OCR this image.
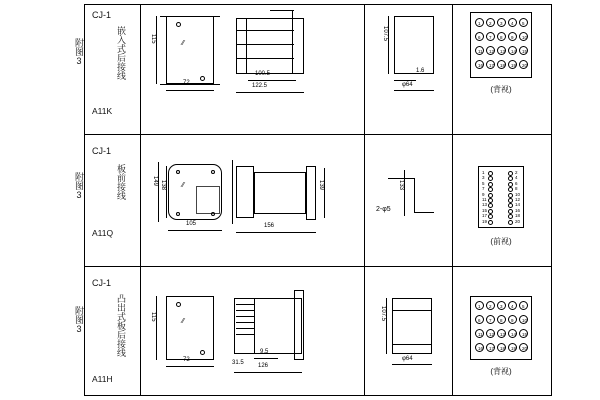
附图3
CJ-1
嵌入式后接线
A11K
⁄⁄
115
72
100.5
122.5
107.5
1.6
φ64
1 2 3 4 5
6 7 8 9 10
11 12 13 14 15
16 17 18 19 20
(背视)
附图3
CJ-1
板前接线
A11Q
⁄⁄
149 138
105	156
139	133
2-φ5
1	2
3	4
5	6
7	8
9	10
11	12
13	14
15	16
17	18
19	20
(前视)
附图3
CJ-1
凸出式板后接线
A11H
⁄⁄
115
72	31.5
9.5
126
107.5
φ64
1 2 3 4 5
6 7 8 9 10
11 12 13 14 15
16 17 18 19 20
(背视)
